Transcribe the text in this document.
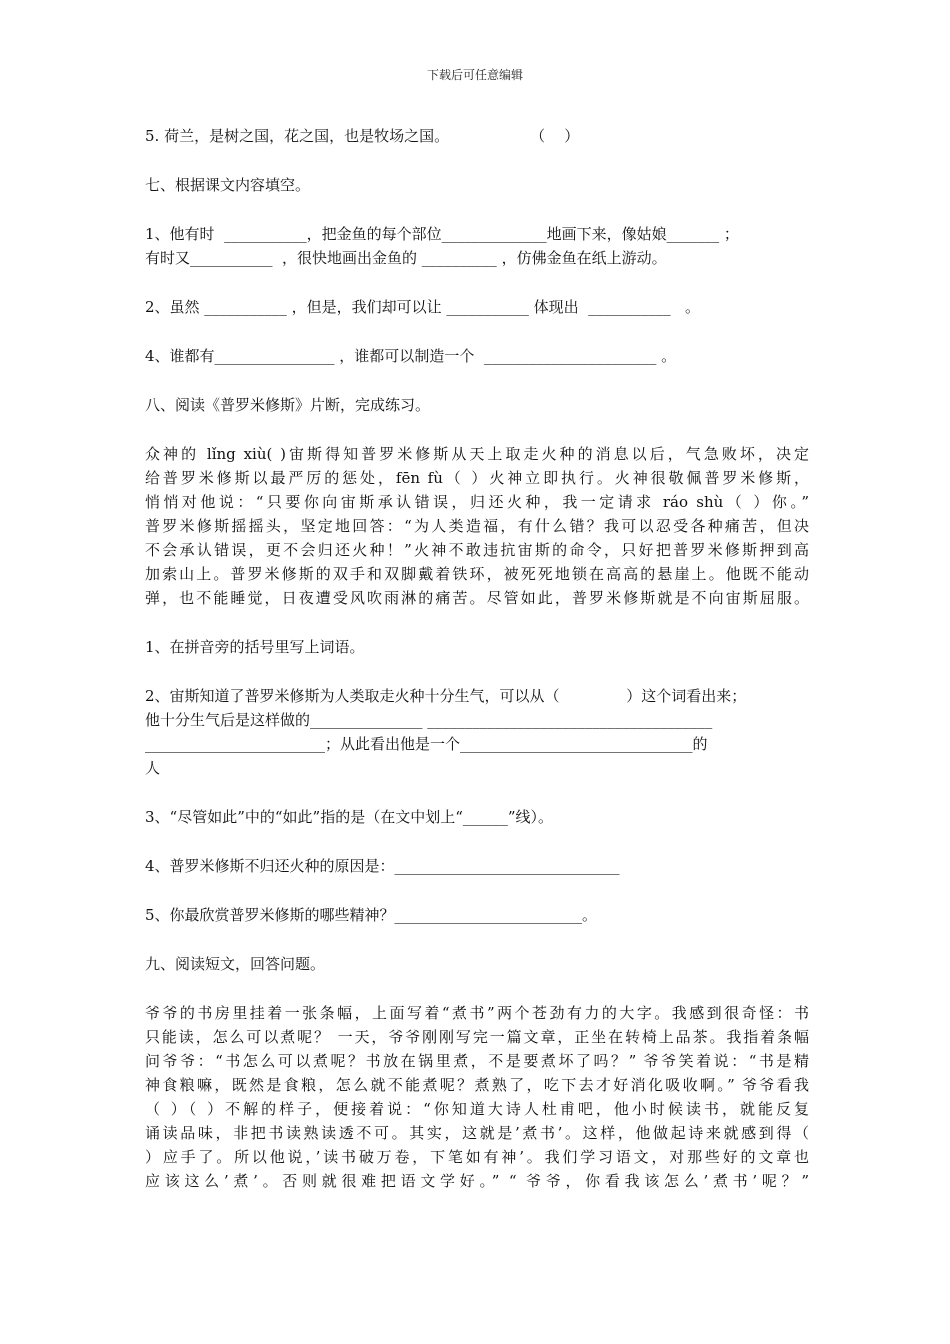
下载后可任意编辑
5. 荷兰，是树之国，花之国，也是牧场之国。                 （    ）
七、根据课文内容填空。
1、他有时  ___________，把金鱼的每个部位______________地画下来，像姑娘_______ ；
有时又___________  ，很快地画出金鱼的 __________ ，仿佛金鱼在纸上游动。
2、虽然 ___________ ，但是，我们却可以让 ___________ 体现出  ___________   。
4、谁都有________________ ，谁都可以制造一个  _______________________ 。
八、阅读《普罗米修斯》片断，完成练习。
众神的 lǐng xiù( )宙斯得知普罗米修斯从天上取走火种的消息以后，气急败坏，决定
给普罗米修斯以最严厉的惩处，fēn fù（ ）火神立即执行。火神很敬佩普罗米修斯，
悄悄对他说：“只要你向宙斯承认错误，归还火种，我一定请求 ráo shù（ ）你。”
普罗米修斯摇摇头，坚定地回答：“为人类造福，有什么错？我可以忍受各种痛苦，但决
不会承认错误，更不会归还火种！”火神不敢违抗宙斯的命令，只好把普罗米修斯押到高
加索山上。普罗米修斯的双手和双脚戴着铁环，被死死地锁在高高的悬崖上。他既不能动
弹，也不能睡觉，日夜遭受风吹雨淋的痛苦。尽管如此，普罗米修斯就是不向宙斯屈服。
1、在拼音旁的括号里写上词语。
2、宙斯知道了普罗米修斯为人类取走火种十分生气，可以从（              ）这个词看出来；
他十分生气后是这样做的_______________ ______________________________________
________________________；从此看出他是一个_______________________________的
人
3、“尽管如此”中的“如此”指的是（在文中划上“______”线）。
4、普罗米修斯不归还火种的原因是：______________________________
5、你最欣赏普罗米修斯的哪些精神？_________________________。
九、阅读短文，回答问题。
爷爷的书房里挂着一张条幅，上面写着“煮书”两个苍劲有力的大字。我感到很奇怪：书
只能读，怎么可以煮呢？ 一天，爷爷刚刚写完一篇文章，正坐在转椅上品茶。我指着条幅
问爷爷：“书怎么可以煮呢？书放在锅里煮，不是要煮坏了吗？” 爷爷笑着说：“书是精
神食粮嘛，既然是食粮，怎么就不能煮呢？煮熟了，吃下去才好消化吸收啊。” 爷爷看我
（ ）（ ）不解的样子，便接着说：“你知道大诗人杜甫吧，他小时候读书，就能反复
诵读品味，非把书读熟读透不可。其实，这就是’煮书’。这样，他做起诗来就感到得（
）应手了。所以他说，’读书破万卷，下笔如有神’。我们学习语文，对那些好的文章也
应该这么’煮’。否则就很难把语文学好。” “ 爷爷，你看我该怎么’煮书’呢？”
